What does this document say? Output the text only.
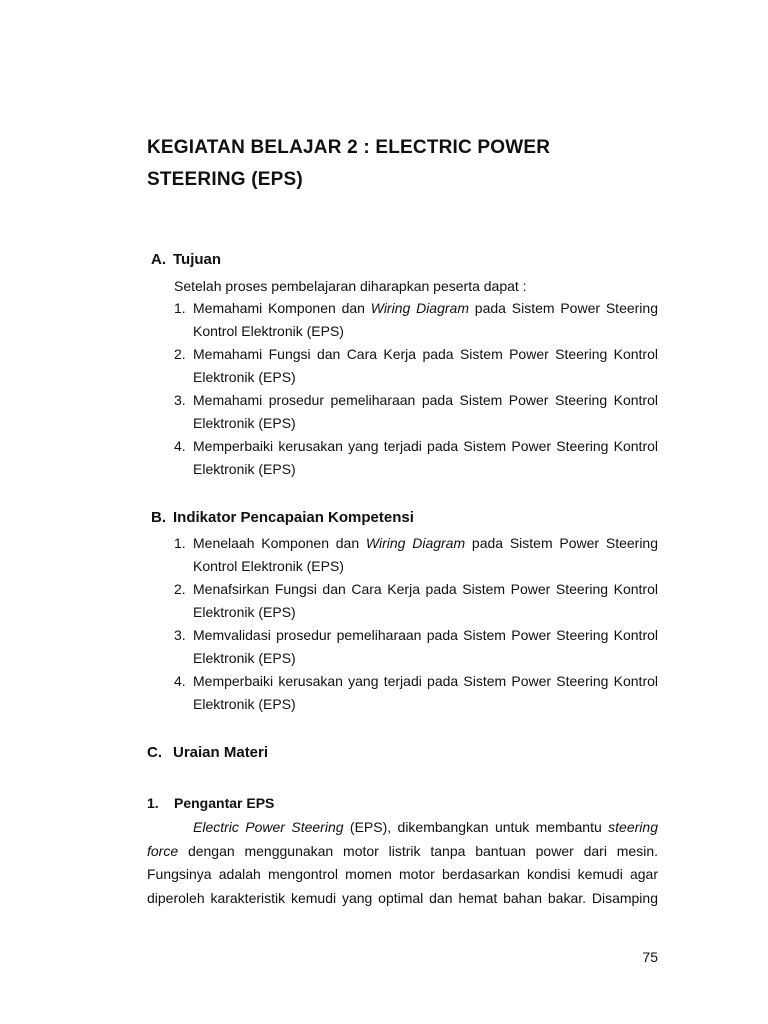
KEGIATAN BELAJAR 2 : ELECTRIC POWER
STEERING (EPS)
A. Tujuan
Setelah proses pembelajaran diharapkan peserta dapat :
1. Memahami Komponen dan Wiring Diagram pada Sistem Power Steering
Kontrol Elektronik (EPS)
2. Memahami Fungsi dan Cara Kerja pada Sistem Power Steering Kontrol
Elektronik (EPS)
3. Memahami prosedur pemeliharaan pada Sistem Power Steering Kontrol
Elektronik (EPS)
4. Memperbaiki kerusakan yang terjadi pada Sistem Power Steering Kontrol
Elektronik (EPS)
B. Indikator Pencapaian Kompetensi
1. Menelaah Komponen dan Wiring Diagram pada Sistem Power Steering
Kontrol Elektronik (EPS)
2. Menafsirkan Fungsi dan Cara Kerja pada Sistem Power Steering Kontrol
Elektronik (EPS)
3. Memvalidasi prosedur pemeliharaan pada Sistem Power Steering Kontrol
Elektronik (EPS)
4. Memperbaiki kerusakan yang terjadi pada Sistem Power Steering Kontrol
Elektronik (EPS)
C. Uraian Materi
1. Pengantar EPS
Electric Power Steering (EPS), dikembangkan untuk membantu steering
force dengan menggunakan motor listrik tanpa bantuan power dari mesin.
Fungsinya adalah mengontrol momen motor berdasarkan kondisi kemudi agar
diperoleh karakteristik kemudi yang optimal dan hemat bahan bakar. Disamping
75
